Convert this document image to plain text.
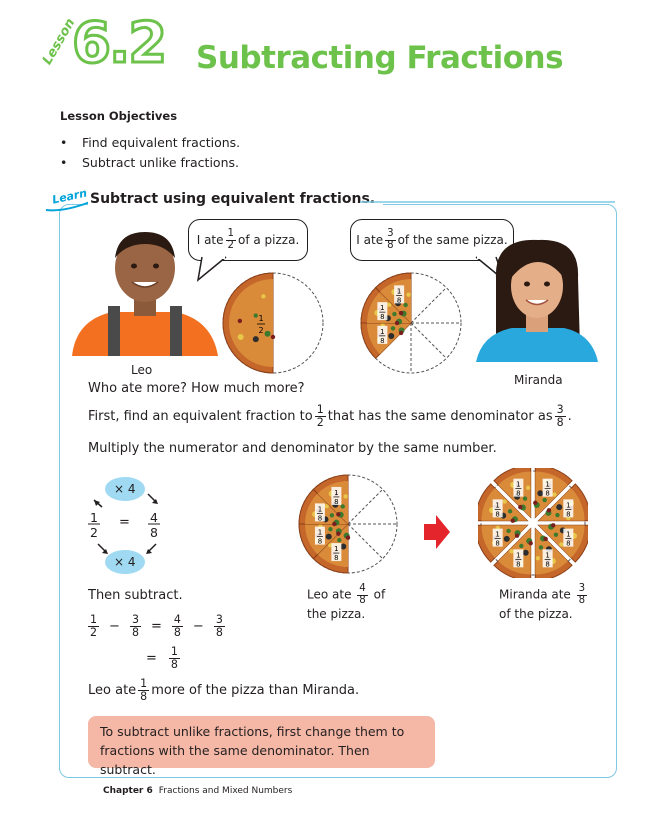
Lesson
6.2 Subtracting Fractions
Lesson Objectives
• Find equivalent fractions.
• Subtract unlike fractions.
Learn Subtract using equivalent fractions.
I ate $\frac{1}{2}$ of a pizza.	I ate $\frac{3}{8}$ of the same pizza.
Leo
1
2	1
8
1
8
1
8
Miranda
Who ate more? How much more?
First, find an equivalent fraction to $\frac{1}{2}$ that has the same denominator as $\frac{3}{8}$ .
Multiply the numerator and denominator by the same number.
× 4
× 4
1
2
= 4
8
1
8
1
8
1
8
1
8
1
8
1
8
1
8
1
8
1
8
1
8
1
8
1
8
Leo ate $\frac{4}{8}$ of
the pizza.
Miranda ate $\frac{3}{8}$

of the pizza.
Then subtract.
$\frac{1}{2} - \frac{3}{8} = \frac{4}{8} - \frac{3}{8}$
= $\frac{1}{8}$
Leo ate $\frac{1}{8}$ more of the pizza than Miranda.
To subtract unlike fractions, first change them to fractions with the same denominator. Then subtract.
Chapter 6 Fractions and Mixed Numbers
